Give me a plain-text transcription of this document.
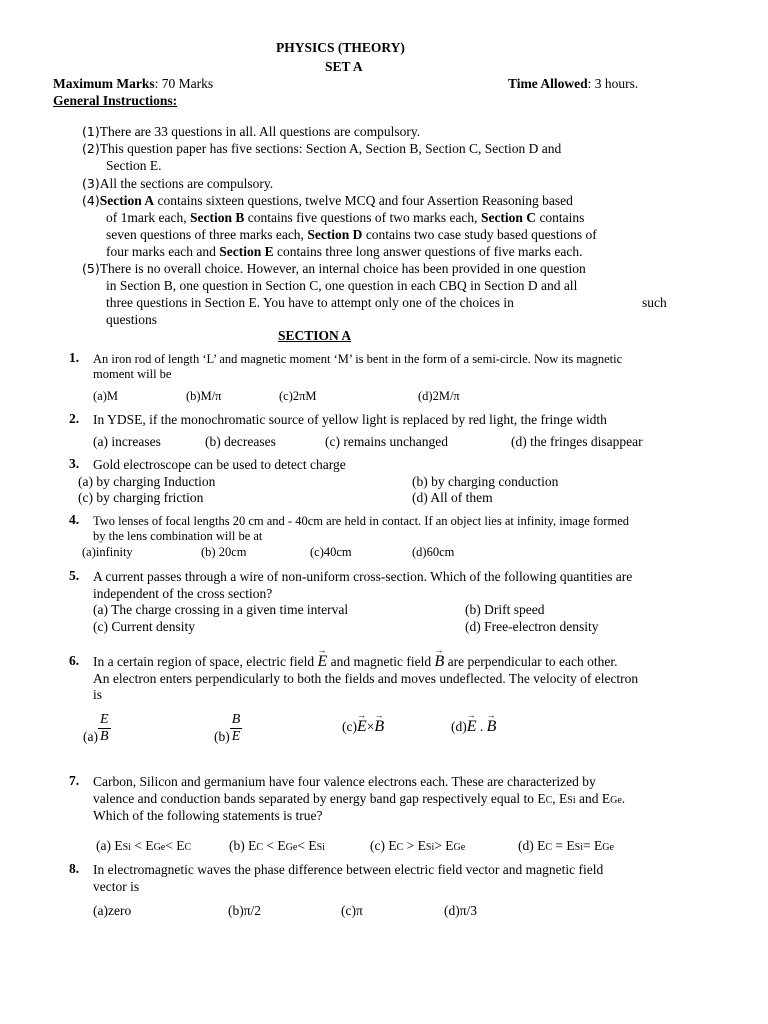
PHYSICS (THEORY)
SET A
Maximum Marks: 70 Marks	Time Allowed: 3 hours.
General Instructions:
(1)There are 33 questions in all. All questions are compulsory.
(2)This question paper has five sections: Section A, Section B, Section C, Section D and
Section E.
(3)All the sections are compulsory.
(4)Section A contains sixteen questions, twelve MCQ and four Assertion Reasoning based
of 1mark each, Section B contains five questions of two marks each, Section C contains
seven questions of three marks each, Section D contains two case study based questions of
four marks each and Section E contains three long answer questions of five marks each.
(5)There is no overall choice. However, an internal choice has been provided in one question
in Section B, one question in Section C, one question in each CBQ in Section D and all
three questions in Section E. You have to attempt only one of the choices in	such
questions
SECTION A
1. An iron rod of length ‘L’ and magnetic moment ‘M’ is bent in the form of a semi-circle. Now its magnetic
moment will be
(a)M	(b)M/π	(c)2πM	(d)2M/π
2. In YDSE, if the monochromatic source of yellow light is replaced by red light, the fringe width
(a) increases	(b) decreases	(c) remains unchanged	(d) the fringes disappear
3. Gold electroscope can be used to detect charge
(a) by charging Induction	(b) by charging conduction
(c) by charging friction	(d) All of them
4. Two lenses of focal lengths 20 cm and - 40cm are held in contact. If an object lies at infinity, image formed
by the lens combination will be at
(a)infinity	(b) 20cm	(c)40cm	(d)60cm
5. A current passes through a wire of non-uniform cross-section. Which of the following quantities are
independent of the cross section?
(a) The charge crossing in a given time interval	(b) Drift speed
(c) Current density	(d) Free-electron density
6. In a certain region of space, electric field → E and magnetic field → B are perpendicular to each other.
An electron enters perpendicularly to both the fields and moves undeflected. The velocity of electron
is
$(a) \frac{E}{B}$	$(b) \frac{B}{E}$	(c)→ E×→ B	(d)→ E . → B
7. Carbon, Silicon and germanium have four valence electrons each. These are characterized by
valence and conduction bands separated by energy band gap respectively equal to EC, ESi and EGe.
Which of the following statements is true?
(a) ESi < EGe< EC	(b) EC < EGe< ESi	(c) EC > ESi> EGe	(d) EC = ESi= EGe
8. In electromagnetic waves the phase difference between electric field vector and magnetic field
vector is
(a)zero	(b)π/2	(c)π	(d)π/3
